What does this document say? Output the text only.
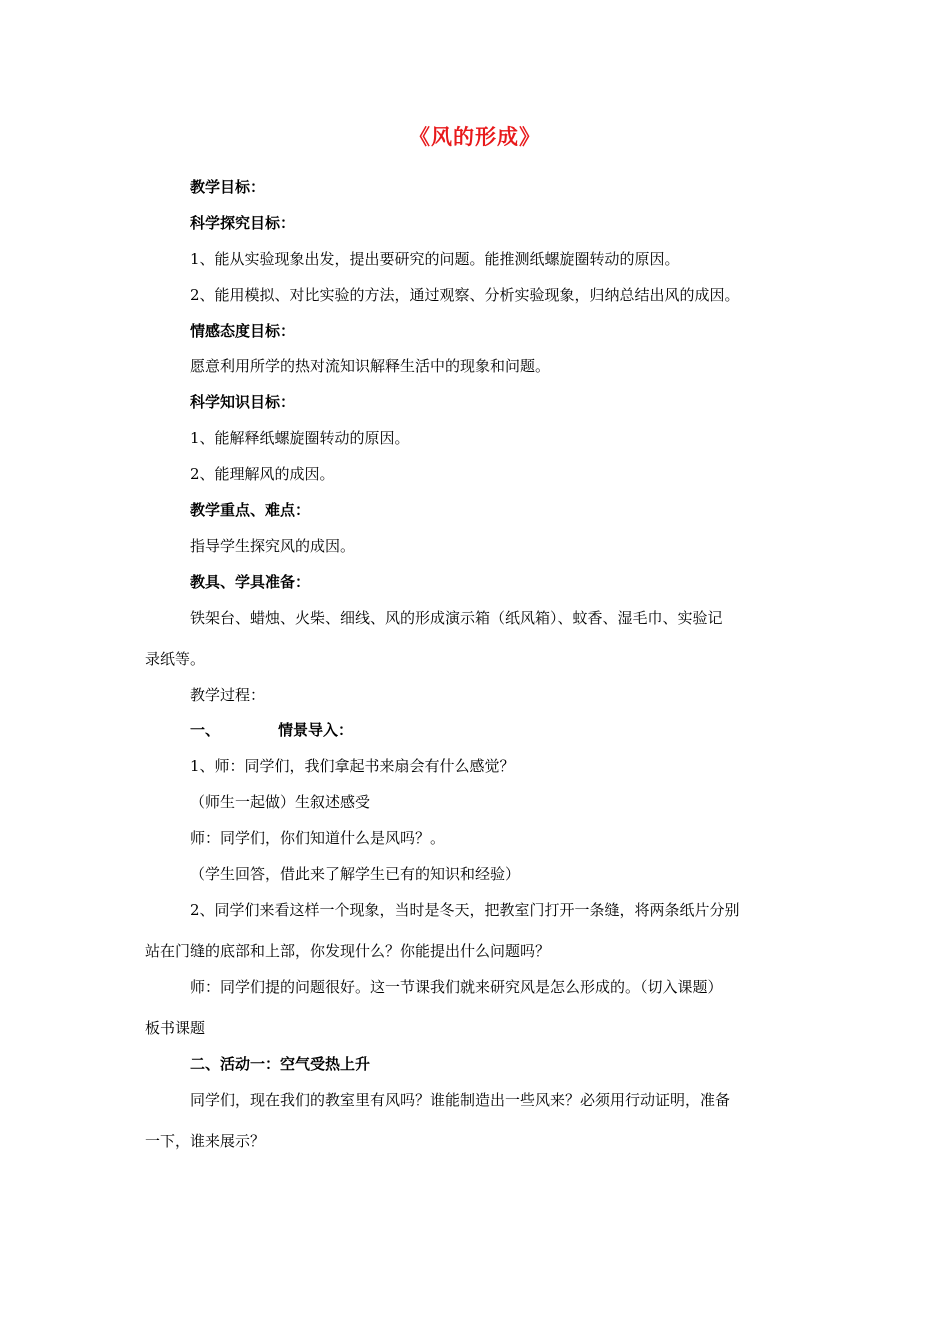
《风的形成》
教学目标：
科学探究目标：
1、能从实验现象出发，提出要研究的问题。能推测纸螺旋圈转动的原因。
2、能用模拟、对比实验的方法，通过观察、分析实验现象，归纳总结出风的成因。
情感态度目标：
愿意利用所学的热对流知识解释生活中的现象和问题。
科学知识目标：
1、能解释纸螺旋圈转动的原因。
2、能理解风的成因。
教学重点、难点：
指导学生探究风的成因。
教具、学具准备：
铁架台、蜡烛、火柴、细线、风的形成演示箱（纸风箱）、蚊香、湿毛巾、实验记
录纸等。
教学过程：
一、	情景导入：
1、师：同学们，我们拿起书来扇会有什么感觉？
（师生一起做）生叙述感受
师：同学们，你们知道什么是风吗？。
（学生回答，借此来了解学生已有的知识和经验）
2、同学们来看这样一个现象，当时是冬天，把教室门打开一条缝，将两条纸片分别
站在门缝的底部和上部，你发现什么？你能提出什么问题吗？
师：同学们提的问题很好。这一节课我们就来研究风是怎么形成的。（切入课题）
板书课题
二、活动一：空气受热上升
同学们，现在我们的教室里有风吗？谁能制造出一些风来？必须用行动证明，准备
一下，谁来展示？
